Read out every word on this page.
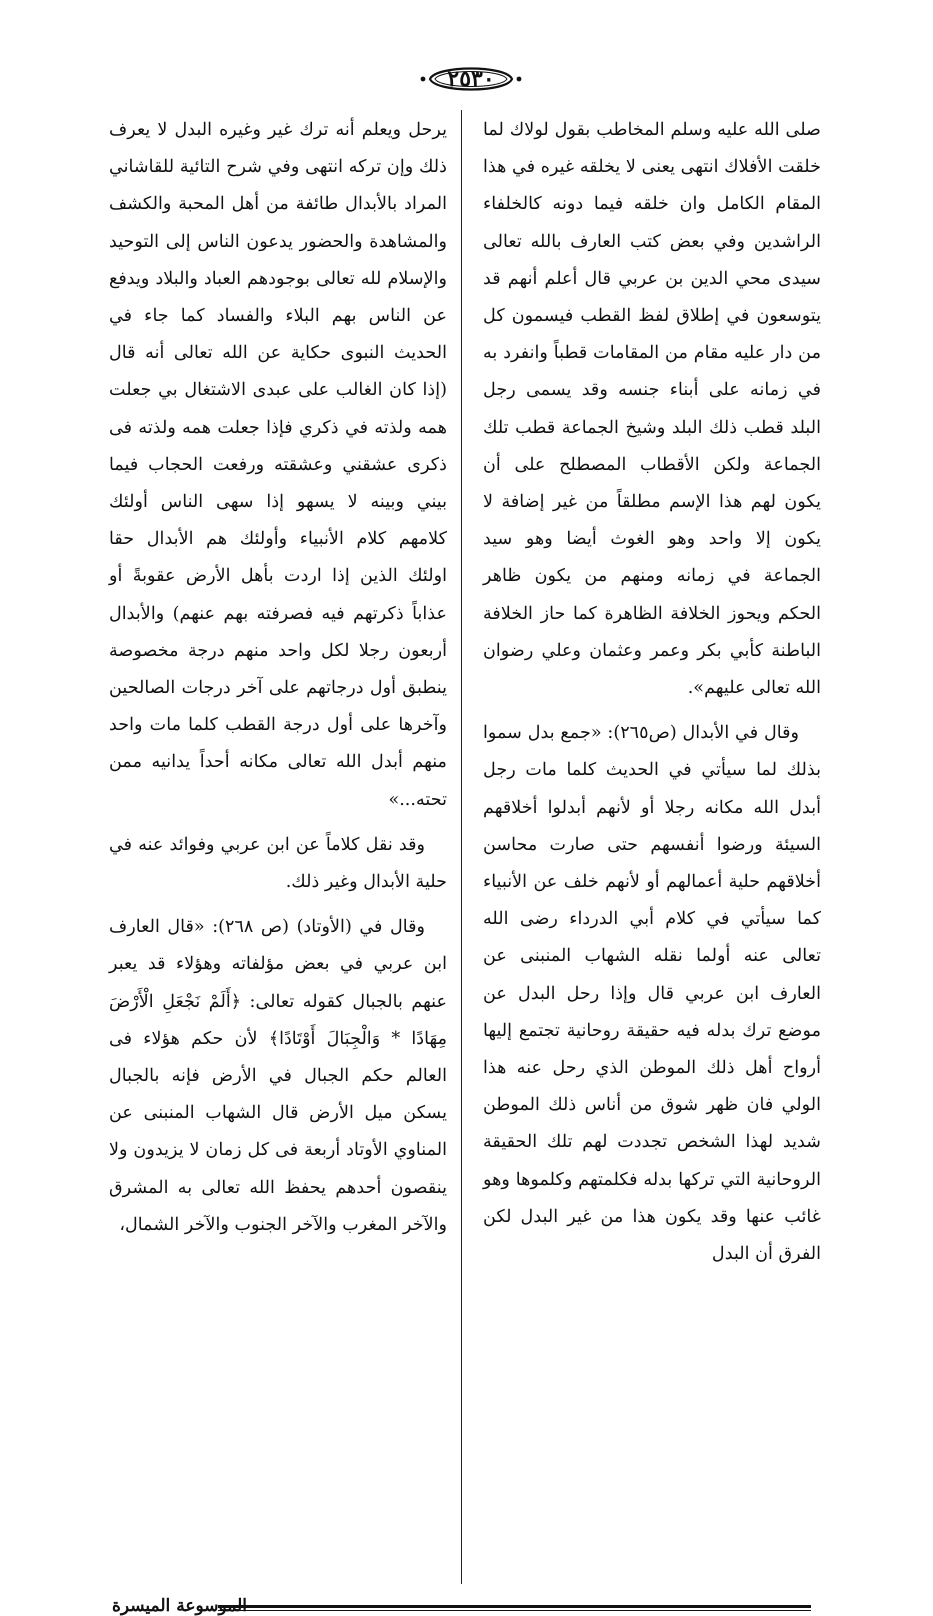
٢٥٣٠

صلى الله عليه وسلم المخاطب بقول لولاك لما خلقت الأفلاك انتهى يعنى لا يخلقه غيره في هذا المقام الكامل وان خلقه فيما دونه كالخلفاء الراشدين وفي بعض كتب العارف بالله تعالى سيدى محي الدين بن عربي قال أعلم أنهم قد يتوسعون في إطلاق لفظ القطب فيسمون كل من دار عليه مقام من المقامات قطباً وانفرد به في زمانه على أبناء جنسه وقد يسمى رجل البلد قطب ذلك البلد وشيخ الجماعة قطب تلك الجماعة ولكن الأقطاب المصطلح على أن يكون لهم هذا الإسم مطلقاً من غير إضافة لا يكون إلا واحد وهو الغوث أيضا وهو سيد الجماعة في زمانه ومنهم من يكون ظاهر الحكم ويحوز الخلافة الظاهرة كما حاز الخلافة الباطنة كأبي بكر وعمر وعثمان وعلي رضوان الله تعالى عليهم».

وقال في الأبدال (ص٢٦٥): «جمع بدل سموا بذلك لما سيأتي في الحديث كلما مات رجل أبدل الله مكانه رجلا أو لأنهم أبدلوا أخلاقهم السيئة ورضوا أنفسهم حتى صارت محاسن أخلاقهم حلية أعمالهم أو لأنهم خلف عن الأنبياء كما سيأتي في كلام أبي الدرداء رضى الله تعالى عنه أولما نقله الشهاب المنبنى عن العارف ابن عربي قال وإذا رحل البدل عن موضع ترك بدله فيه حقيقة روحانية تجتمع إليها أرواح أهل ذلك الموطن الذي رحل عنه هذا الولي فان ظهر شوق من أناس ذلك الموطن شديد لهذا الشخص تجددت لهم تلك الحقيقة الروحانية التي تركها بدله فكلمتهم وكلموها وهو غائب عنها وقد يكون هذا من غير البدل لكن الفرق أن البدل

يرحل ويعلم أنه ترك غير وغيره البدل لا يعرف ذلك وإن تركه انتهى وفي شرح التائية للقاشاني المراد بالأبدال طائفة من أهل المحبة والكشف والمشاهدة والحضور يدعون الناس إلى التوحيد والإسلام لله تعالى بوجودهم العباد والبلاد ويدفع عن الناس بهم البلاء والفساد كما جاء في الحديث النبوى حكاية عن الله تعالى أنه قال (إذا كان الغالب على عبدى الاشتغال بي جعلت همه ولذته في ذكري فإذا جعلت همه ولذته فى ذكرى عشقني وعشقته ورفعت الحجاب فيما بيني وبينه لا يسهو إذا سهى الناس أولئك كلامهم كلام الأنبياء وأولئك هم الأبدال حقا اولئك الذين إذا اردت بأهل الأرض عقوبةً أو عذاباً ذكرتهم فيه فصرفته بهم عنهم) والأبدال أربعون رجلا لكل واحد منهم درجة مخصوصة ينطبق أول درجاتهم على آخر درجات الصالحين وآخرها على أول درجة القطب كلما مات واحد منهم أبدل الله تعالى مكانه أحداً يدانيه ممن تحته...»

وقد نقل كلاماً عن ابن عربي وفوائد عنه في حلية الأبدال وغير ذلك.

وقال في (الأوتاد) (ص ٢٦٨): «قال العارف ابن عربي في بعض مؤلفاته وهؤلاء قد يعبر عنهم بالجبال كقوله تعالى: ﴿أَلَمْ نَجْعَلِ الْأَرْضَ مِهَادًا * وَالْجِبَالَ أَوْتَادًا﴾ لأن حكم هؤلاء فى العالم حكم الجبال في الأرض فإنه بالجبال يسكن ميل الأرض قال الشهاب المنبنى عن المناوي الأوتاد أربعة فى كل زمان لا يزيدون ولا ينقصون أحدهم يحفظ الله تعالى به المشرق والآخر المغرب والآخر الجنوب والآخر الشمال،

الموسوعة الميسرة
